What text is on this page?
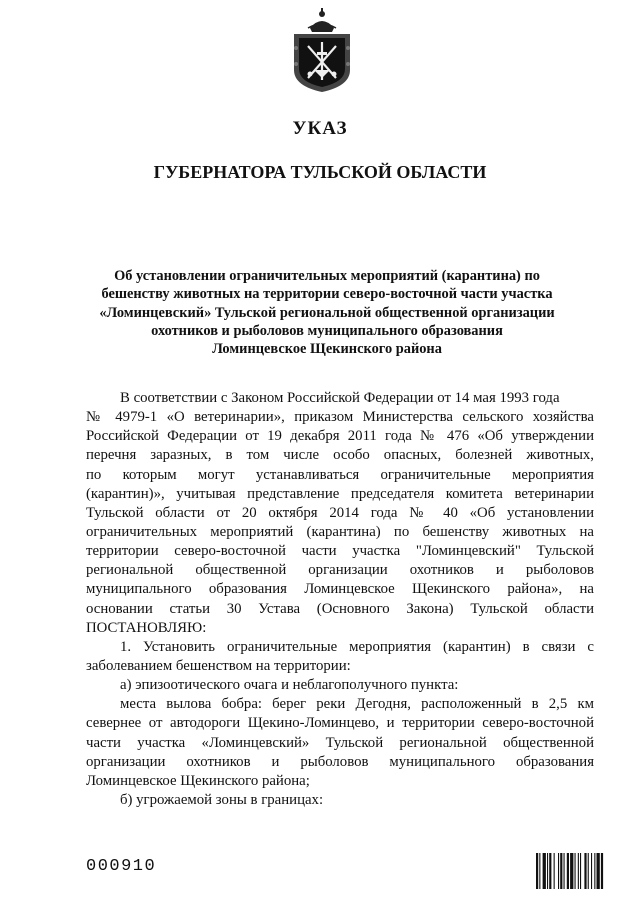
УКАЗ
ГУБЕРНАТОРА ТУЛЬСКОЙ ОБЛАСТИ
Об установлении ограничительных мероприятий (карантина) по
бешенству животных на территории северо-восточной части участка
«Ломинцевский» Тульской региональной общественной организации
охотников и рыболовов муниципального образования
Ломинцевское Щекинского района
В соответствии с Законом Российской Федерации от 14 мая 1993 года
№ 4979-1 «О ветеринарии», приказом Министерства сельского хозяйства
Российской Федерации от 19 декабря 2011 года № 476 «Об утверждении
перечня заразных, в том числе особо опасных, болезней животных,
по которым могут устанавливаться ограничительные мероприятия
(карантин)», учитывая представление председателя комитета ветеринарии
Тульской области от 20 октября 2014 года № 40 «Об установлении
ограничительных мероприятий (карантина) по бешенству животных на
территории северо-восточной части участка "Ломинцевский" Тульской
региональной общественной организации охотников и рыболовов
муниципального образования Ломинцевское Щекинского района», на
основании статьи 30 Устава (Основного Закона) Тульской области
ПОСТАНОВЛЯЮ:
1. Установить ограничительные мероприятия (карантин) в связи с
заболеванием бешенством на территории:
а) эпизоотического очага и неблагополучного пункта:
места вылова бобра: берег реки Дегодня, расположенный в 2,5 км
севернее от автодороги Щекино-Ломинцево, и территории северо-восточной
части участка «Ломинцевский» Тульской региональной общественной
организации охотников и рыболовов муниципального образования
Ломинцевское Щекинского района;
б) угрожаемой зоны в границах:
000910
